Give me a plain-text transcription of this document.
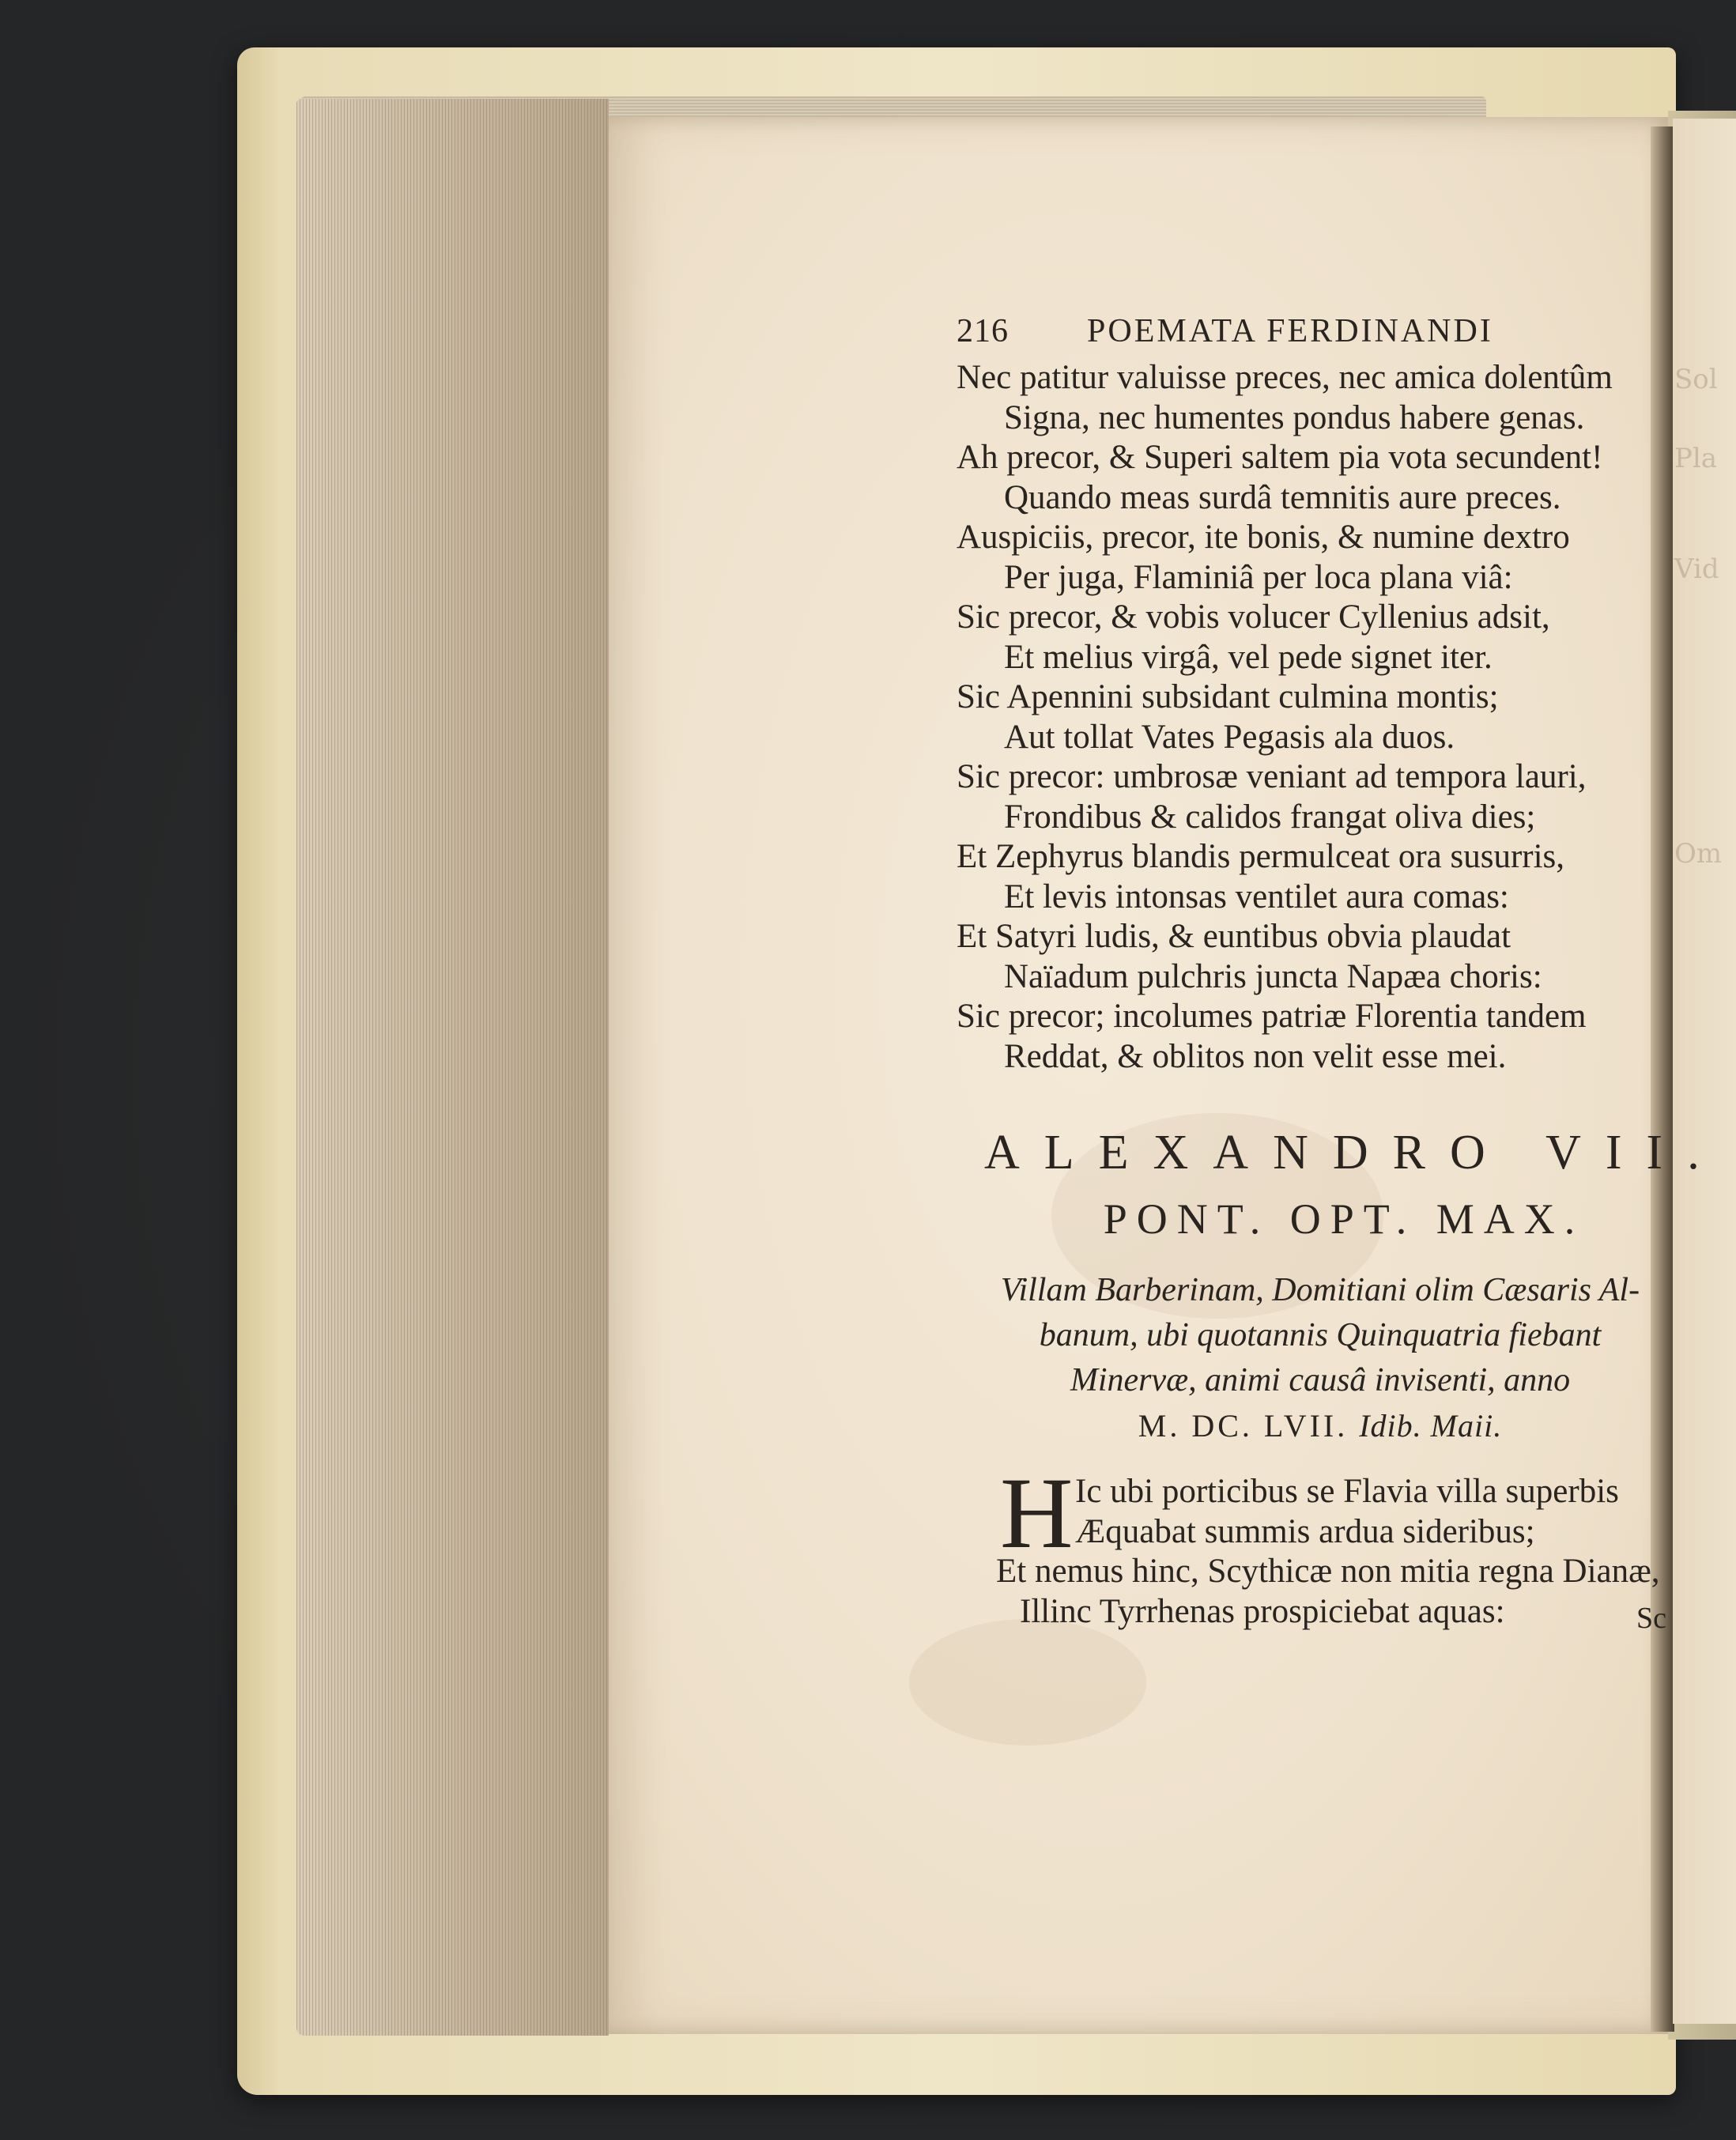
Sol
Pla
Vid
Om
216	POEMATA FERDINANDI
Nec patitur valuisse preces, nec amica dolentûm
Signa, nec humentes pondus habere genas.
Ah precor, & Superi saltem pia vota secundent!
Quando meas surdâ temnitis aure preces.
Auspiciis, precor, ite bonis, & numine dextro
Per juga, Flaminiâ per loca plana viâ:
Sic precor, & vobis volucer Cyllenius adsit,
Et melius virgâ, vel pede signet iter.
Sic Apennini subsidant culmina montis;
Aut tollat Vates Pegasis ala duos.
Sic precor: umbrosæ veniant ad tempora lauri,
Frondibus & calidos frangat oliva dies;
Et Zephyrus blandis permulceat ora susurris,
Et levis intonsas ventilet aura comas:
Et Satyri ludis, & euntibus obvia plaudat
Naïadum pulchris juncta Napæa choris:
Sic precor; incolumes patriæ Florentia tandem
Reddat, & oblitos non velit esse mei.
ALEXANDRO VII.
PONT. OPT. MAX.
Villam Barberinam, Domitiani olim Cæsaris Al-
banum, ubi quotannis Quinquatria fiebant
Minervæ, animi causâ invisenti, anno
M. DC. LVII. Idib. Maii.
H Ic ubi porticibus se Flavia villa superbis
Æquabat summis ardua sideribus;
Et nemus hinc, Scythicæ non mitia regna Dianæ,
Illinc Tyrrhenas prospiciebat aquas:	Sc
